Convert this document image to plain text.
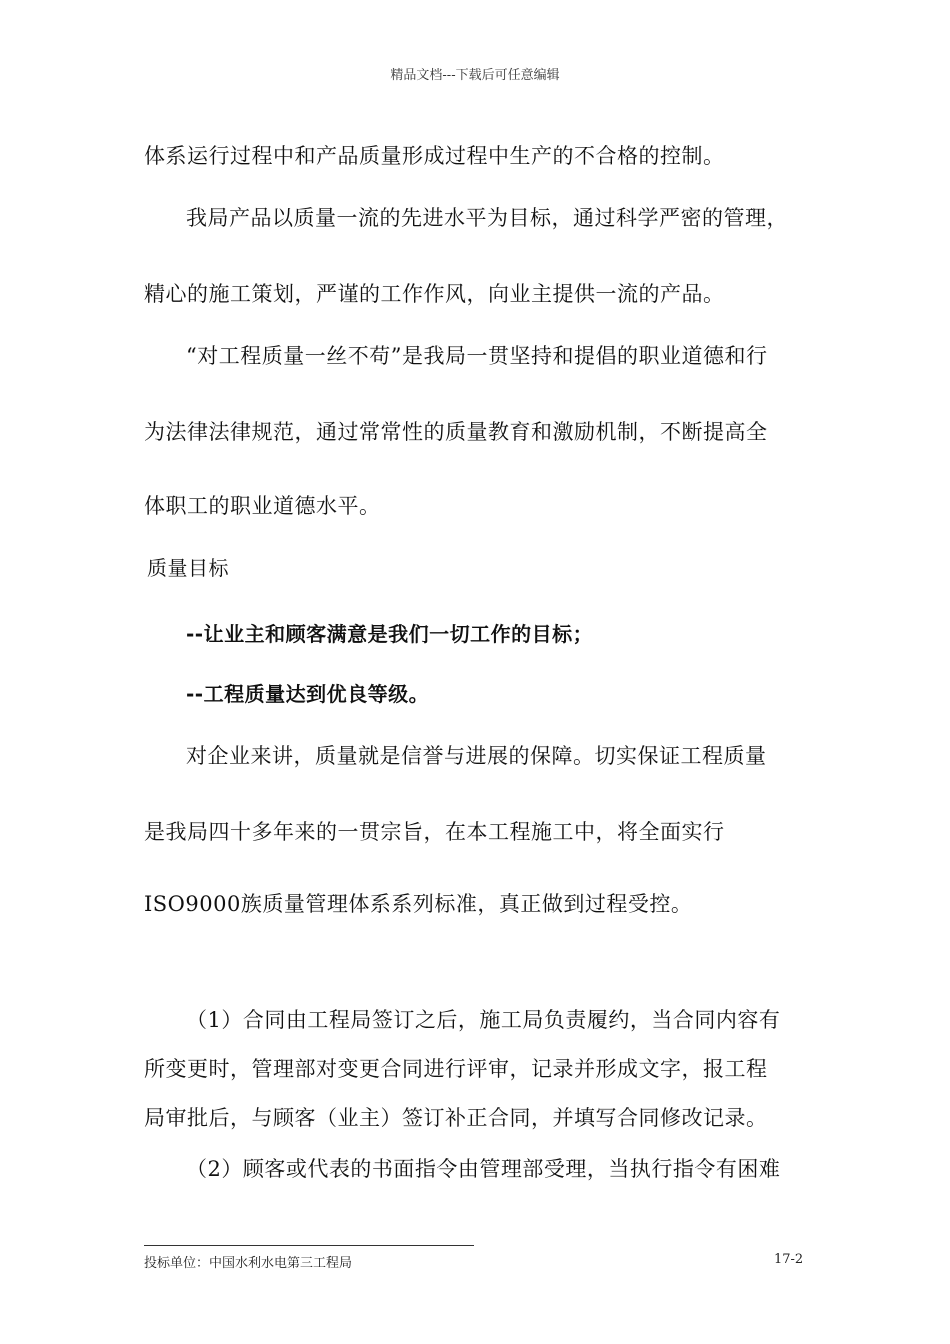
精品文档---下载后可任意编辑
体系运行过程中和产品质量形成过程中生产的不合格的控制。
我局产品以质量一流的先进水平为目标，通过科学严密的管理，
精心的施工策划，严谨的工作作风，向业主提供一流的产品。
“对工程质量一丝不苟”是我局一贯坚持和提倡的职业道德和行
为法律法律规范，通过常常性的质量教育和激励机制，不断提高全
体职工的职业道德水平。
质量目标
--让业主和顾客满意是我们一切工作的目标；
--工程质量达到优良等级。
对企业来讲，质量就是信誉与进展的保障。切实保证工程质量
是我局四十多年来的一贯宗旨，在本工程施工中，将全面实行
ISO9000族质量管理体系系列标准，真正做到过程受控。
（1）合同由工程局签订之后，施工局负责履约，当合同内容有
所变更时，管理部对变更合同进行评审，记录并形成文字，报工程
局审批后，与顾客（业主）签订补正合同，并填写合同修改记录。
（2）顾客或代表的书面指令由管理部受理，当执行指令有困难
投标单位：中国水利水电第三工程局	17-2
